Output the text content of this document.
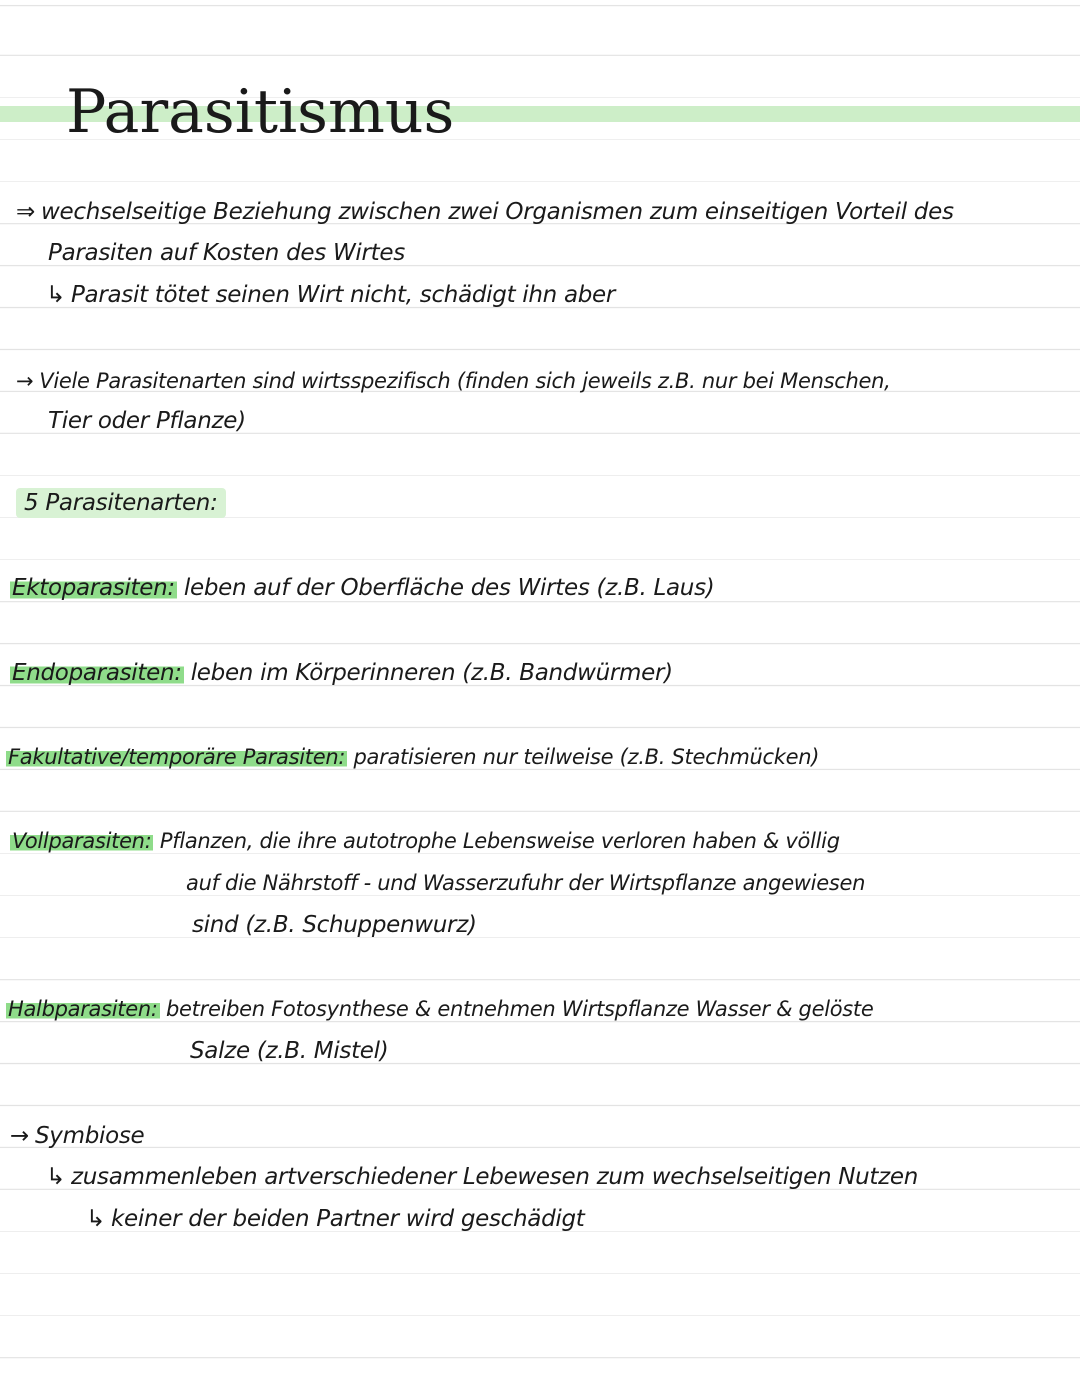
Parasitismus
⇒ wechselseitige Beziehung zwischen zwei Organismen zum einseitigen Vorteil des
Parasiten auf Kosten des Wirtes
↳ Parasit tötet seinen Wirt nicht, schädigt ihn aber
→ Viele Parasitenarten sind wirtsspezifisch (finden sich jeweils z.B. nur bei Menschen,
Tier oder Pflanze)
5 Parasitenarten:
Ektoparasiten: leben auf der Oberfläche des Wirtes (z.B. Laus)
Endoparasiten: leben im Körperinneren (z.B. Bandwürmer)
Fakultative/temporäre Parasiten: paratisieren nur teilweise (z.B. Stechmücken)
Vollparasiten: Pflanzen, die ihre autotrophe Lebensweise verloren haben & völlig
auf die Nährstoff - und Wasserzufuhr der Wirtspflanze angewiesen
sind (z.B. Schuppenwurz)
Halbparasiten: betreiben Fotosynthese & entnehmen Wirtspflanze Wasser & gelöste
Salze (z.B. Mistel)
→ Symbiose
↳ zusammenleben artverschiedener Lebewesen zum wechselseitigen Nutzen
↳ keiner der beiden Partner wird geschädigt
